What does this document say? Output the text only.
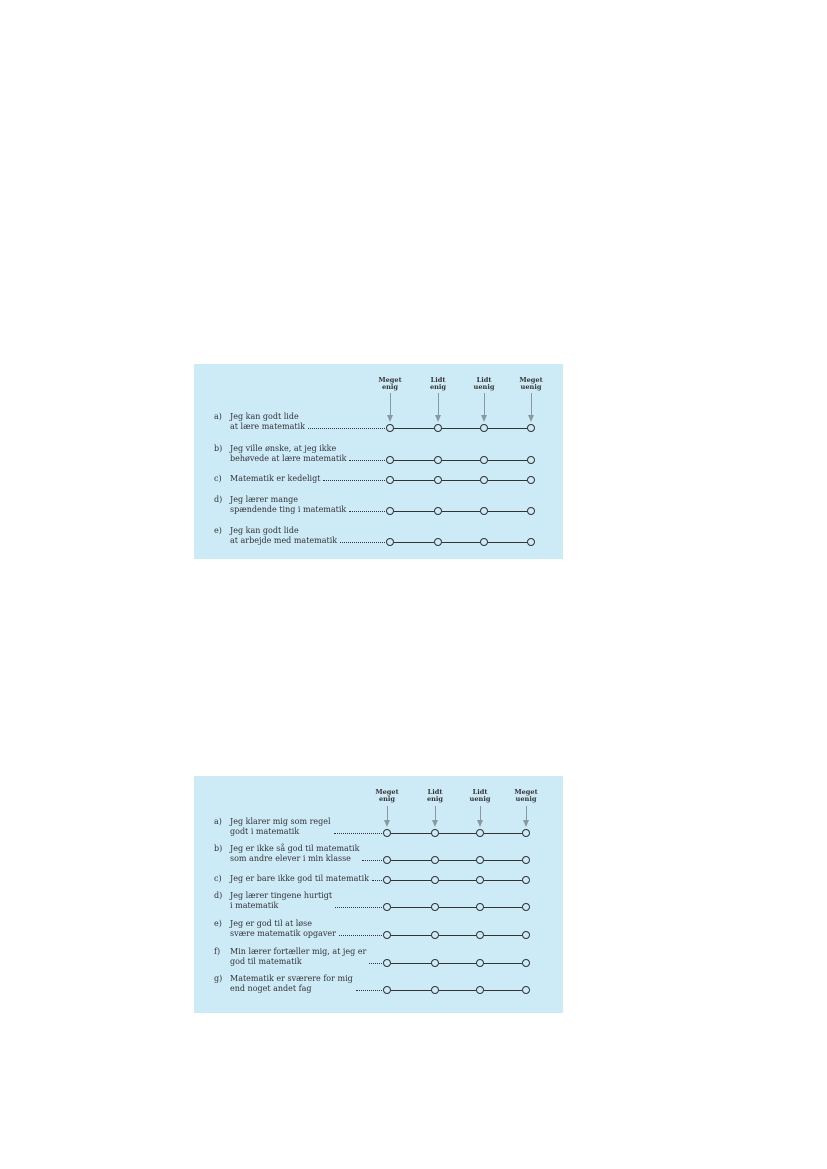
Meget
enig
Lidt
enig
Lidt
uenig
Meget
uenig
a) Jeg kan godt lide
at lære matematik
b) Jeg ville ønske, at jeg ikke
behøvede at lære matematik
c) Matematik er kedeligt
d) Jeg lærer mange
spændende ting i matematik
e) Jeg kan godt lide
at arbejde med matematik
Meget
enig
Lidt
enig
Lidt
uenig
Meget
uenig
a) Jeg klarer mig som regel
godt i matematik
b) Jeg er ikke så god til matematik
som andre elever i min klasse
c) Jeg er bare ikke god til matematik
d) Jeg lærer tingene hurtigt
i matematik
e) Jeg er god til at løse
svære matematik opgaver
f) Min lærer fortæller mig, at jeg er
god til matematik
g) Matematik er sværere for mig
end noget andet fag
